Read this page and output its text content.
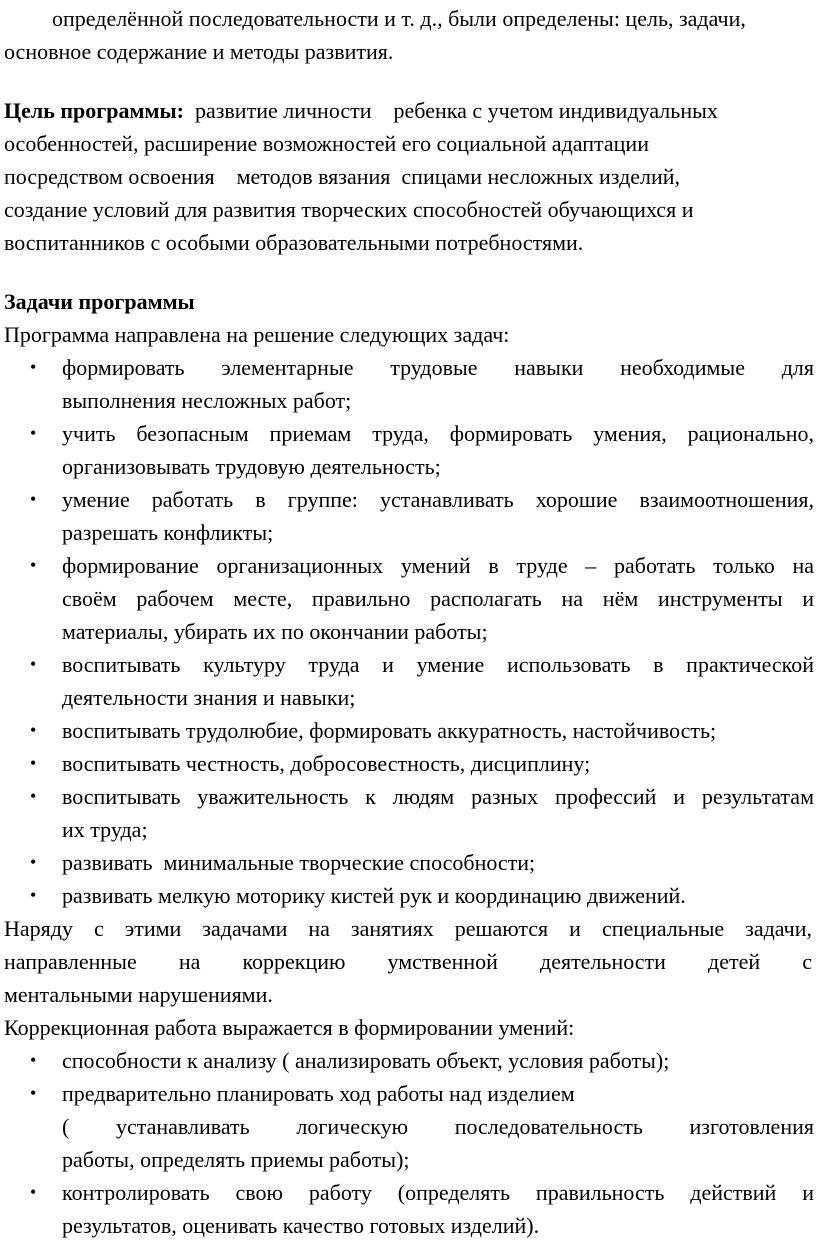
определённой последовательности и т. д., были определены: цель, задачи,
основное содержание и методы развития.
Цель программы:  развитие личности    ребенка с учетом индивидуальных
особенностей, расширение возможностей его социальной адаптации
посредством освоения    методов вязания  спицами несложных изделий,
создание условий для развития творческих способностей обучающихся и
воспитанников с особыми образовательными потребностями.
Задачи программы
Программа направлена на решение следующих задач:
• формировать элементарные трудовые навыки необходимые для
выполнения несложных работ;
• учить безопасным приемам труда, формировать умения, рационально,
организовывать трудовую деятельность;
• умение работать в группе: устанавливать хорошие взаимоотношения,
разрешать конфликты;
• формирование организационных умений в труде – работать только на
своём рабочем месте, правильно располагать на нём инструменты и
материалы, убирать их по окончании работы;
• воспитывать культуру труда и умение использовать в практической
деятельности знания и навыки;
• воспитывать трудолюбие, формировать аккуратность, настойчивость;
• воспитывать честность, добросовестность, дисциплину;
• воспитывать уважительность к людям разных профессий и результатам
их труда;
• развивать  минимальные творческие способности;
• развивать мелкую моторику кистей рук и координацию движений.
Наряду с этими задачами на занятиях решаются и специальные задачи,
направленные на коррекцию умственной деятельности детей с
ментальными нарушениями.
Коррекционная работа выражается в формировании умений:
• способности к анализу ( анализировать объект, условия работы);
• предварительно планировать ход работы над изделием
( устанавливать логическую последовательность изготовления
работы, определять приемы работы);
• контролировать свою работу (определять правильность действий и
результатов, оценивать качество готовых изделий).
